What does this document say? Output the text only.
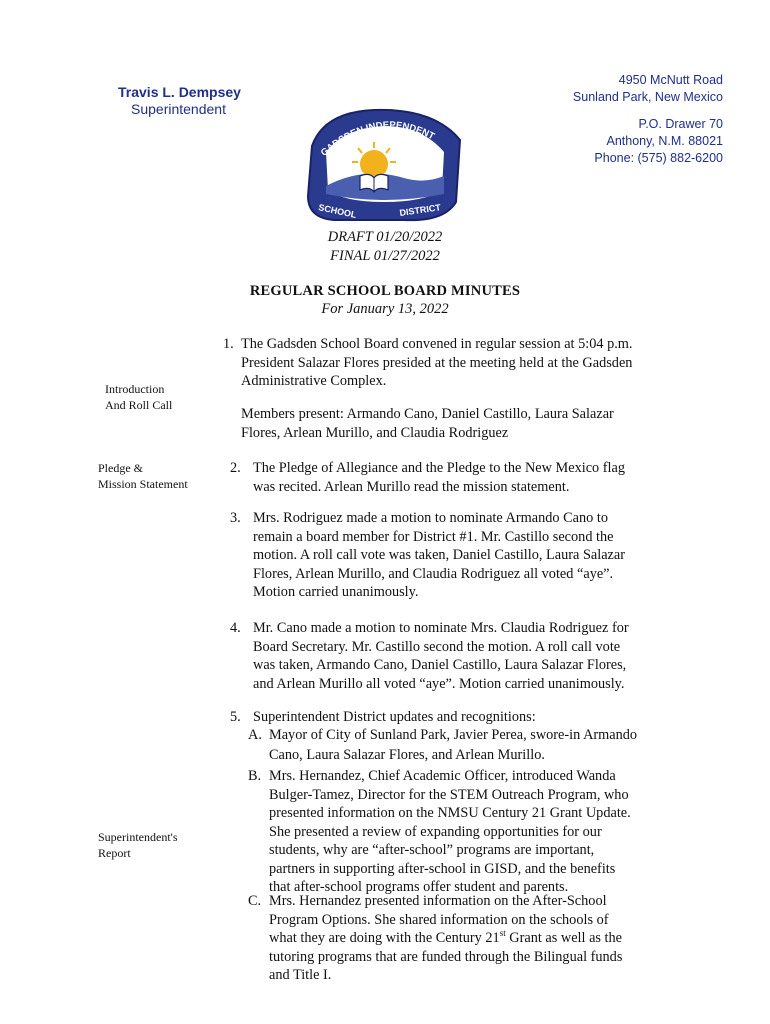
Travis L. Dempsey
Superintendent
4950 McNutt Road
Sunland Park, New Mexico
P.O. Drawer 70
Anthony, N.M. 88021
Phone: (575) 882-6200
GADSDEN INDEPENDENT
SCHOOL	DISTRICT
DRAFT 01/20/2022
FINAL 01/27/2022
REGULAR SCHOOL BOARD MINUTES
For January 13, 2022
Introduction
And Roll Call
Pledge &
Mission Statement
Superintendent's
Report
1. The Gadsden School Board convened in regular session at 5:04 p.m.
President Salazar Flores presided at the meeting held at the Gadsden
Administrative Complex.
Members present: Armando Cano, Daniel Castillo, Laura Salazar
Flores, Arlean Murillo, and Claudia Rodriguez
2. The Pledge of Allegiance and the Pledge to the New Mexico flag
was recited. Arlean Murillo read the mission statement.
3. Mrs. Rodriguez made a motion to nominate Armando Cano to
remain a board member for District #1. Mr. Castillo second the
motion. A roll call vote was taken, Daniel Castillo, Laura Salazar
Flores, Arlean Murillo, and Claudia Rodriguez all voted “aye”.
Motion carried unanimously.
4. Mr. Cano made a motion to nominate Mrs. Claudia Rodriguez for
Board Secretary. Mr. Castillo second the motion. A roll call vote
was taken, Armando Cano, Daniel Castillo, Laura Salazar Flores,
and Arlean Murillo all voted “aye”. Motion carried unanimously.
5. Superintendent District updates and recognitions:
A. Mayor of City of Sunland Park, Javier Perea, swore-in Armando
Cano, Laura Salazar Flores, and Arlean Murillo.
B. Mrs. Hernandez, Chief Academic Officer, introduced Wanda
Bulger-Tamez, Director for the STEM Outreach Program, who
presented information on the NMSU Century 21 Grant Update.
She presented a review of expanding opportunities for our
students, why are “after-school” programs are important,
partners in supporting after-school in GISD, and the benefits
that after-school programs offer student and parents.
C. Mrs. Hernandez presented information on the After-School
Program Options. She shared information on the schools of
what they are doing with the Century 21st Grant as well as the
tutoring programs that are funded through the Bilingual funds
and Title I.
